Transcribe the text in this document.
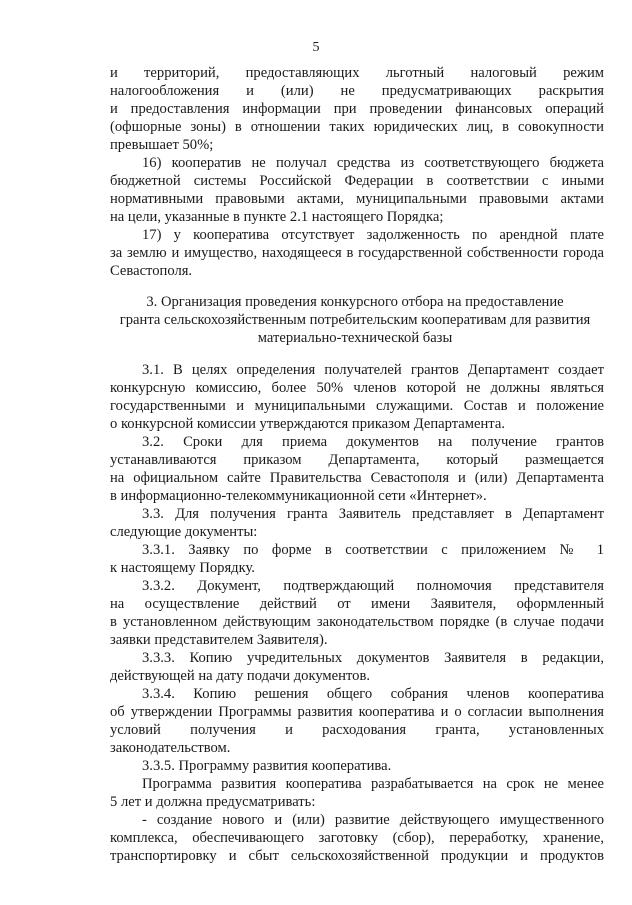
5
и территорий, предоставляющих льготный налоговый режим
налогообложения и (или) не предусматривающих раскрытия
и предоставления информации при проведении финансовых операций
(офшорные зоны) в отношении таких юридических лиц, в совокупности
превышает 50%;
16) кооператив не получал средства из соответствующего бюджета
бюджетной системы Российской Федерации в соответствии с иными
нормативными правовыми актами, муниципальными правовыми актами
на цели, указанные в пункте 2.1 настоящего Порядка;
17) у кооператива отсутствует задолженность по арендной плате
за землю и имущество, находящееся в государственной собственности города
Севастополя.
3. Организация проведения конкурсного отбора на предоставление
гранта сельскохозяйственным потребительским кооперативам для развития
материально-технической базы
3.1. В целях определения получателей грантов Департамент создает
конкурсную комиссию, более 50% членов которой не должны являться
государственными и муниципальными служащими. Состав и положение
о конкурсной комиссии утверждаются приказом Департамента.
3.2. Сроки для приема документов на получение грантов
устанавливаются приказом Департамента, который размещается
на официальном сайте Правительства Севастополя и (или) Департамента
в информационно-телекоммуникационной сети «Интернет».
3.3. Для получения гранта Заявитель представляет в Департамент
следующие документы:
3.3.1. Заявку по форме в соответствии с приложением № 1
к настоящему Порядку.
3.3.2. Документ, подтверждающий полномочия представителя
на осуществление действий от имени Заявителя, оформленный
в установленном действующим законодательством порядке (в случае подачи
заявки представителем Заявителя).
3.3.3. Копию учредительных документов Заявителя в редакции,
действующей на дату подачи документов.
3.3.4. Копию решения общего собрания членов кооператива
об утверждении Программы развития кооператива и о согласии выполнения
условий получения и расходования гранта, установленных
законодательством.
3.3.5. Программу развития кооператива.
Программа развития кооператива разрабатывается на срок не менее
5 лет и должна предусматривать:
- создание нового и (или) развитие действующего имущественного
комплекса, обеспечивающего заготовку (сбор), переработку, хранение,
транспортировку и сбыт сельскохозяйственной продукции и продуктов
